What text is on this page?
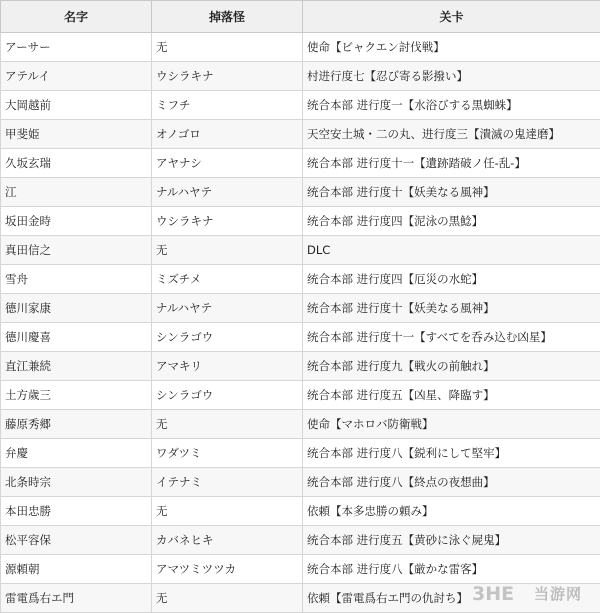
名字	掉落怪	关卡
アーサー	无	使命【ビャクエン討伐戦】
アテルイ	ウシラキナ	村进行度七【忍び寄る影撥い】
大岡越前	ミフチ	统合本部 进行度一【水浴びする黒蜘蛛】
甲斐姫	オノゴロ	天空安土城・二の丸、进行度三【潰滅の鬼達磨】
久坂玄瑞	アヤナシ	统合本部 进行度十一【遺跡踏破ノ任-乱-】
江	ナルハヤテ	统合本部 进行度十【妖美なる風神】
坂田金時	ウシラキナ	统合本部 进行度四【泥泳の黒鯰】
真田信之	无	DLC
雪舟	ミズチメ	统合本部 进行度四【厄災の水蛇】
德川家康	ナルハヤテ	统合本部 进行度十【妖美なる風神】
德川慶喜	シンラゴウ	统合本部 进行度十一【すべてを呑み込む凶星】
直江兼続	アマキリ	统合本部 进行度九【戦火の前触れ】
土方歲三	シンラゴウ	统合本部 进行度五【凶星、降臨す】
藤原秀郷	无	使命【マホロバ防衛戦】
弁慶	ワダツミ	统合本部 进行度八【鋭利にして堅牢】
北条時宗	イテナミ	统合本部 进行度八【終点の夜想曲】
本田忠勝	无	依頼【本多忠勝の頼み】
松平容保	カバネヒキ	统合本部 进行度五【黄砂に泳ぐ屍鬼】
源頼朝	アマツミツツカ	统合本部 进行度八【厳かな雷客】
雷電爲右エ門	无	依頼【雷電爲右エ門の仇討ち】 3HE 当游网
